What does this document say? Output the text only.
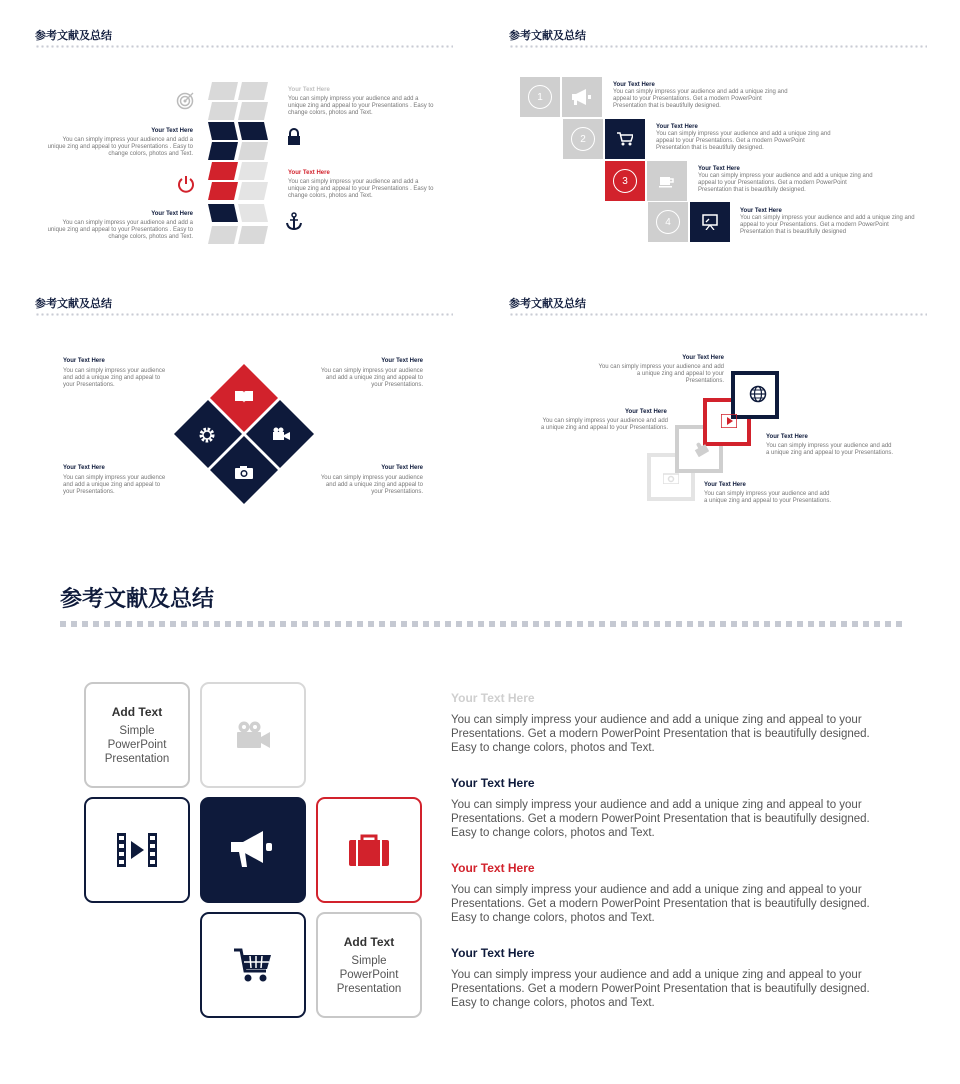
参考文献及总结
Your Text Here
You can simply impress your audience and add a unique zing and appeal to your Presentations . Easy to change colors, photos and Text.
Your Text Here
You can simply impress your audience and add a unique zing and appeal to your Presentations . Easy to change colors, photos and Text.
Your Text Here
You can simply impress your audience and add a unique zing and appeal to your Presentations . Easy to change colors, photos and Text.
Your Text Here
You can simply impress your audience and add a unique zing and appeal to your Presentations . Easy to change colors, photos and Text.
参考文献及总结
1
Your Text Here
You can simply impress your audience and add a unique zing and appeal to your Presentations. Get a modern PowerPoint Presentation that is beautifully designed.
2
Your Text Here
You can simply impress your audience and add a unique zing and appeal to your Presentations. Get a modern PowerPoint Presentation that is beautifully designed.
3
Your Text Here
You can simply impress your audience and add a unique zing and appeal to your Presentations. Get a modern PowerPoint Presentation that is beautifully designed.
4
Your Text Here
You can simply impress your audience and add a unique zing and appeal to your Presentations. Get a modern PowerPoint Presentation that is beautifully designed
参考文献及总结
Your Text Here
You can simply impress your audience and add a unique zing and appeal to your Presentations.
Your Text Here
You can simply impress your audience and add a unique zing and appeal to your Presentations.
Your Text Here
You can simply impress your audience and add a unique zing and appeal to your Presentations.
Your Text Here
You can simply impress your audience and add a unique zing and appeal to your Presentations.
参考文献及总结
Your Text Here
You can simply impress your audience and add a unique zing and appeal to your Presentations.
Your Text Here
You can simply impress your audience and add a unique zing and appeal to your Presentations.
Your Text Here
You can simply impress your audience and add a unique zing and appeal to your Presentations.
Your Text Here
You can simply impress your audience and add a unique zing and appeal to your Presentations.
参考文献及总结
Add Text
Simple PowerPoint Presentation
Add Text
Simple PowerPoint Presentation
Your Text Here
You can simply impress your audience and add a unique zing and appeal to your Presentations. Get a modern PowerPoint Presentation that is beautifully designed. Easy to change colors, photos and Text.
Your Text Here
You can simply impress your audience and add a unique zing and appeal to your Presentations. Get a modern PowerPoint Presentation that is beautifully designed. Easy to change colors, photos and Text.
Your Text Here
You can simply impress your audience and add a unique zing and appeal to your Presentations. Get a modern PowerPoint Presentation that is beautifully designed. Easy to change colors, photos and Text.
Your Text Here
You can simply impress your audience and add a unique zing and appeal to your Presentations. Get a modern PowerPoint Presentation that is beautifully designed. Easy to change colors, photos and Text.
